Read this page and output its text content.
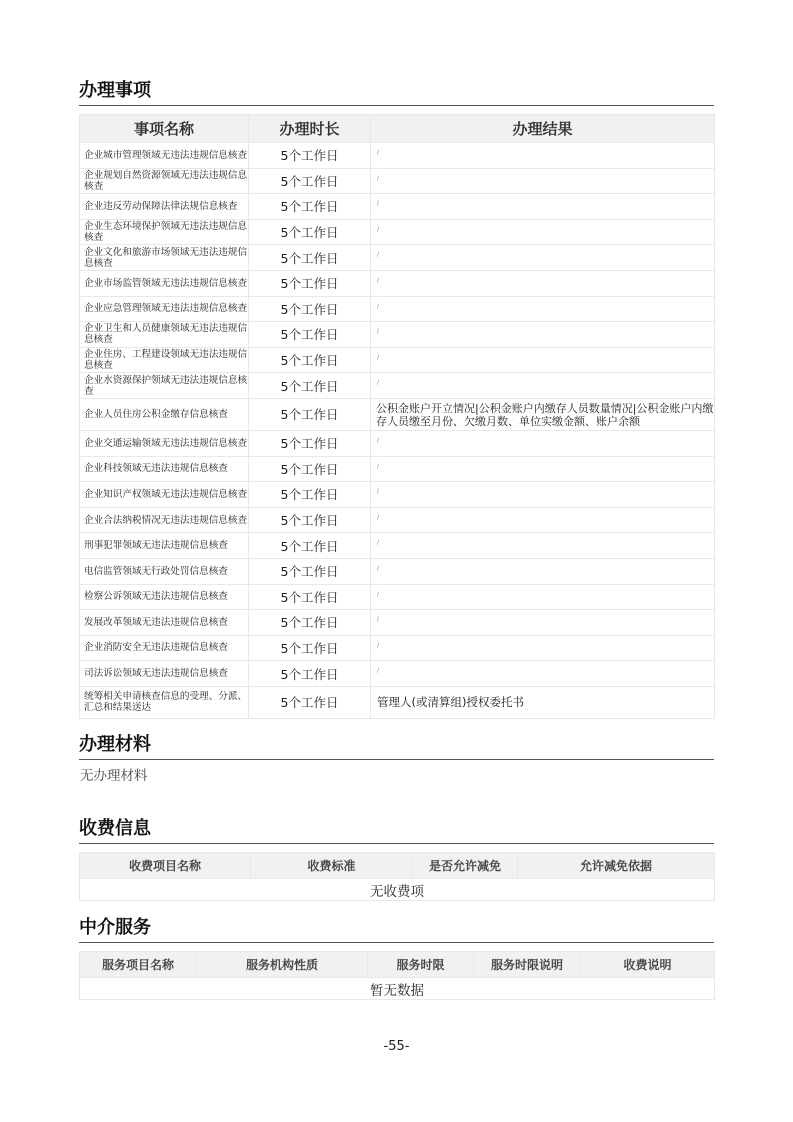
办理事项
事项名称	办理时长	办理结果
企业城市管理领域无违法违规信息核查	5个工作日	/
企业规划自然资源领域无违法违规信息核查	5个工作日	/
企业违反劳动保障法律法规信息核查	5个工作日	/
企业生态环境保护领域无违法违规信息核查	5个工作日	/
企业文化和旅游市场领域无违法违规信息核查	5个工作日	/
企业市场监管领域无违法违规信息核查	5个工作日	/
企业应急管理领域无违法违规信息核查	5个工作日	/
企业卫生和人员健康领域无违法违规信息核查	5个工作日	/
企业住房、工程建设领域无违法违规信息核查	5个工作日	/
企业水资源保护领域无违法违规信息核查	5个工作日	/
企业人员住房公积金缴存信息核查	5个工作日	公积金账户开立情况|公积金账户内缴存人员数量情况|公积金账户内缴存人员缴至月份、欠缴月数、单位实缴金额、账户余额
企业交通运输领域无违法违规信息核查	5个工作日	/
企业科技领域无违法违规信息核查	5个工作日	/
企业知识产权领域无违法违规信息核查	5个工作日	/
企业合法纳税情况无违法违规信息核查	5个工作日	/
刑事犯罪领域无违法违规信息核查	5个工作日	/
电信监管领域无行政处罚信息核查	5个工作日	/
检察公诉领域无违法违规信息核查	5个工作日	/
发展改革领域无违法违规信息核查	5个工作日	/
企业消防安全无违法违规信息核查	5个工作日	/
司法诉讼领域无违法违规信息核查	5个工作日	/
统筹相关申请核查信息的受理、分派、汇总和结果送达	5个工作日	管理人(或清算组)授权委托书
办理材料
无办理材料
收费信息
收费项目名称	收费标准	是否允许减免	允许减免依据
无收费项
中介服务
服务项目名称	服务机构性质	服务时限	服务时限说明	收费说明
暂无数据
-55-
